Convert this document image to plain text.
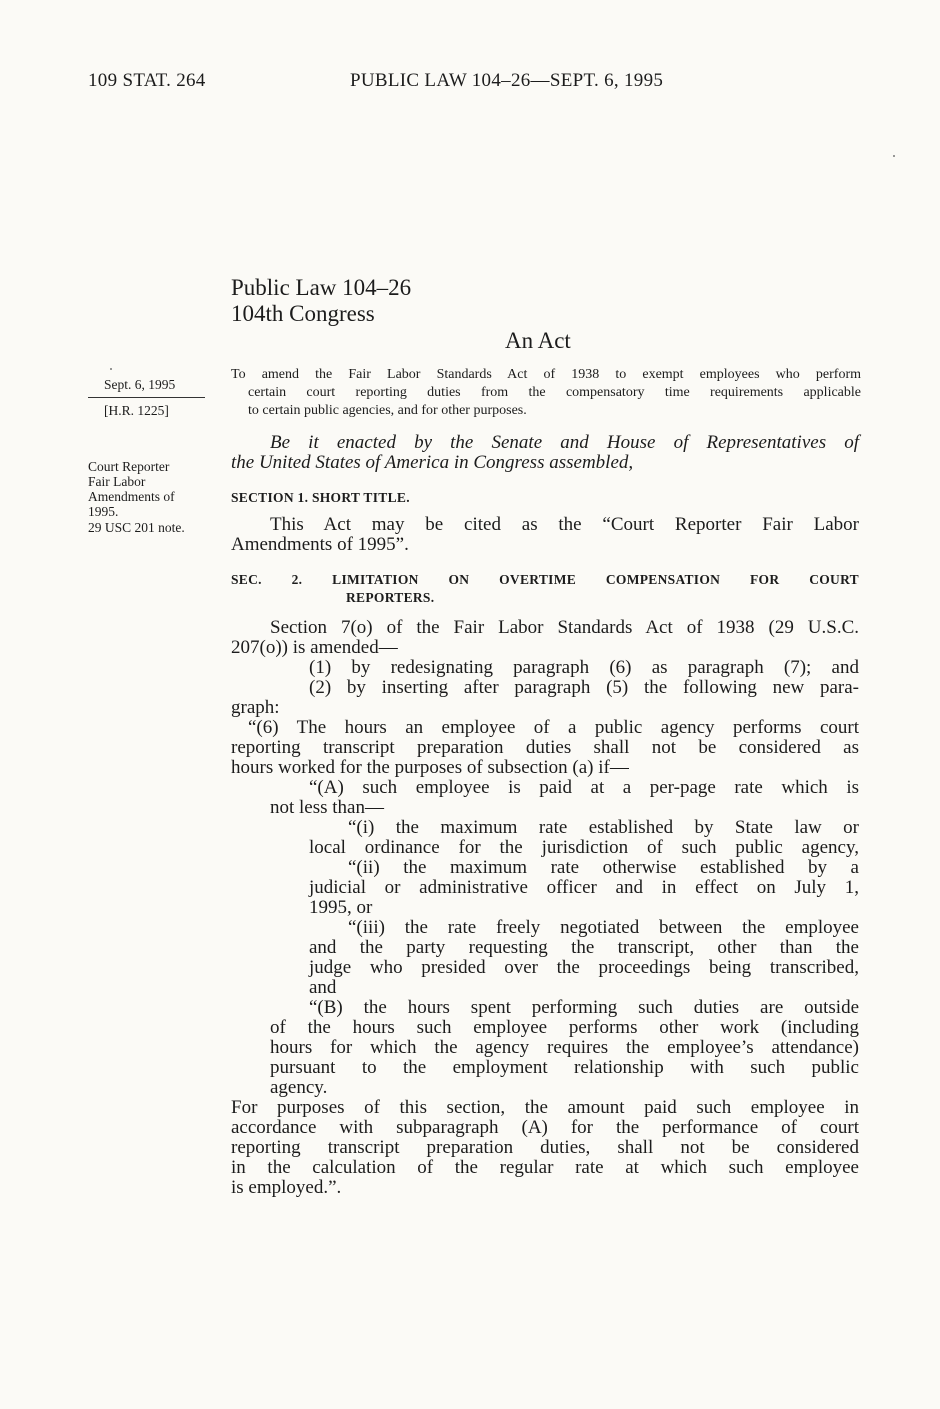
109 STAT. 264	PUBLIC LAW 104–26—SEPT. 6, 1995
Public Law 104–26
104th Congress
An Act
Sept. 6, 1995
[H.R. 1225]
Court Reporter
Fair Labor
Amendments of
1995.
29 USC 201 note.
To amend the Fair Labor Standards Act of 1938 to exempt employees who perform
certain court reporting duties from the compensatory time requirements applicable
to certain public agencies, and for other purposes.
Be it enacted by the Senate and House of Representatives of
the United States of America in Congress assembled,
SECTION 1. SHORT TITLE.
This Act may be cited as the “Court Reporter Fair Labor
Amendments of 1995”.
SEC. 2. LIMITATION ON OVERTIME COMPENSATION FOR COURT
REPORTERS.
Section 7(o) of the Fair Labor Standards Act of 1938 (29 U.S.C.
207(o)) is amended—
(1) by redesignating paragraph (6) as paragraph (7); and
(2) by inserting after paragraph (5) the following new para-
graph:
“(6) The hours an employee of a public agency performs court
reporting transcript preparation duties shall not be considered as
hours worked for the purposes of subsection (a) if—
“(A) such employee is paid at a per-page rate which is
not less than—
“(i) the maximum rate established by State law or
local ordinance for the jurisdiction of such public agency,
“(ii) the maximum rate otherwise established by a
judicial or administrative officer and in effect on July 1,
1995, or
“(iii) the rate freely negotiated between the employee
and the party requesting the transcript, other than the
judge who presided over the proceedings being transcribed,
and
“(B) the hours spent performing such duties are outside
of the hours such employee performs other work (including
hours for which the agency requires the employee’s attendance)
pursuant to the employment relationship with such public
agency.
For purposes of this section, the amount paid such employee in
accordance with subparagraph (A) for the performance of court
reporting transcript preparation duties, shall not be considered
in the calculation of the regular rate at which such employee
is employed.”.
